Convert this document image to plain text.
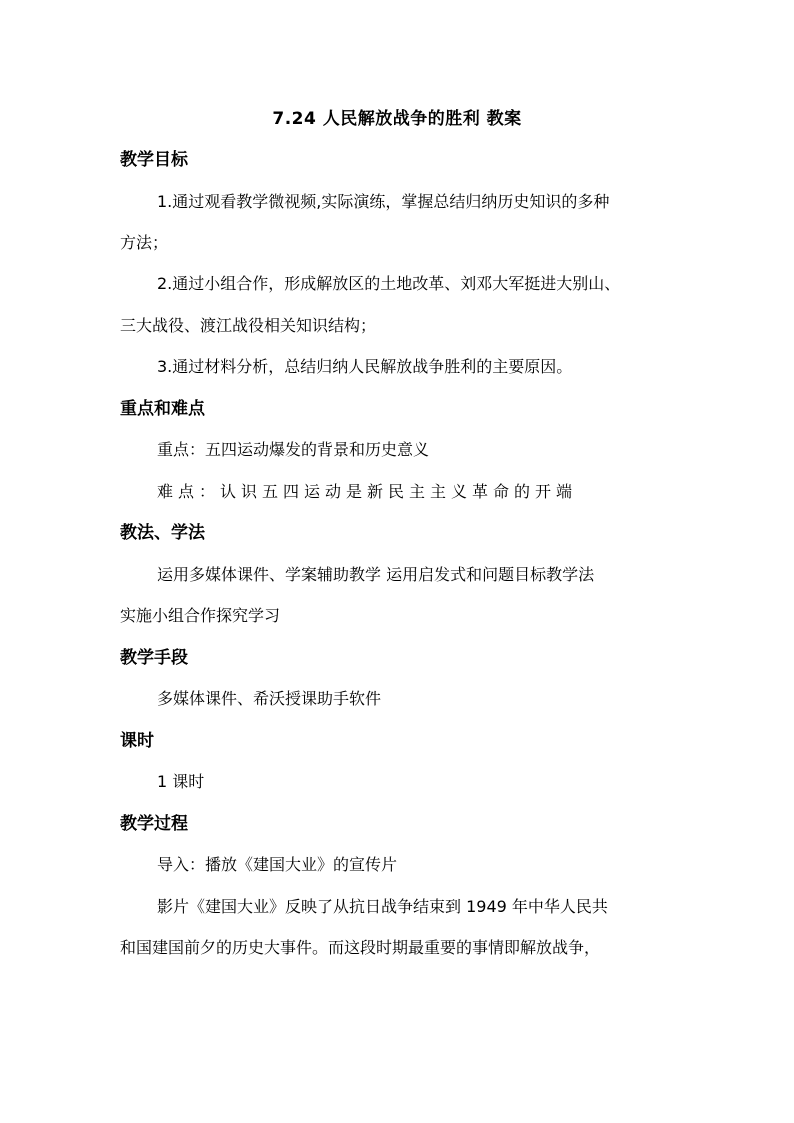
7.24 人民解放战争的胜利 教案
教学目标
1.通过观看教学微视频,实际演练，掌握总结归纳历史知识的多种
方法；
2.通过小组合作，形成解放区的土地改革、刘邓大军挺进大别山、
三大战役、渡江战役相关知识结构；
3.通过材料分析，总结归纳人民解放战争胜利的主要原因。
重点和难点
重点：五四运动爆发的背景和历史意义
难点：认识五四运动是新民主主义革命的开端
教法、学法
运用多媒体课件、学案辅助教学 运用启发式和问题目标教学法
实施小组合作探究学习
教学手段
多媒体课件、希沃授课助手软件
课时
1 课时
教学过程
导入：播放《建国大业》的宣传片
影片《建国大业》反映了从抗日战争结束到 1949 年中华人民共
和国建国前夕的历史大事件。而这段时期最重要的事情即解放战争，
